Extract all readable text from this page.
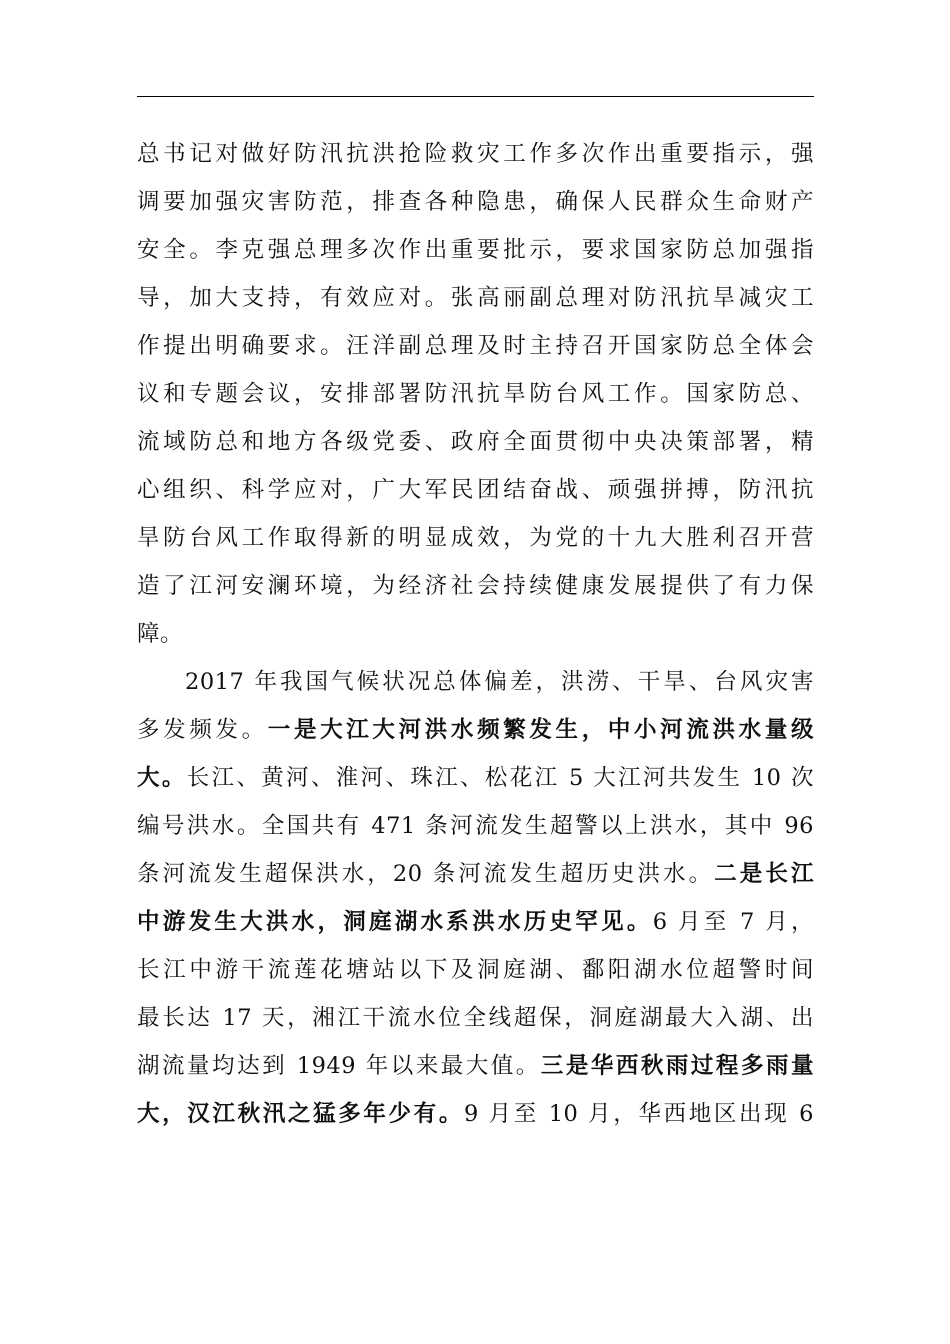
总书记对做好防汛抗洪抢险救灾工作多次作出重要指示，强
调要加强灾害防范，排查各种隐患，确保人民群众生命财产
安全。李克强总理多次作出重要批示，要求国家防总加强指
导，加大支持，有效应对。张高丽副总理对防汛抗旱减灾工
作提出明确要求。汪洋副总理及时主持召开国家防总全体会
议和专题会议，安排部署防汛抗旱防台风工作。国家防总、
流域防总和地方各级党委、政府全面贯彻中央决策部署，精
心组织、科学应对，广大军民团结奋战、顽强拼搏，防汛抗
旱防台风工作取得新的明显成效，为党的十九大胜利召开营
造了江河安澜环境，为经济社会持续健康发展提供了有力保
障。
2017 年我国气候状况总体偏差，洪涝、干旱、台风灾害
多发频发。一是大江大河洪水频繁发生，中小河流洪水量级
大。长江、黄河、淮河、珠江、松花江 5 大江河共发生 10 次
编号洪水。全国共有 471 条河流发生超警以上洪水，其中 96
条河流发生超保洪水，20 条河流发生超历史洪水。二是长江
中游发生大洪水，洞庭湖水系洪水历史罕见。6 月至 7 月，
长江中游干流莲花塘站以下及洞庭湖、鄱阳湖水位超警时间
最长达 17 天，湘江干流水位全线超保，洞庭湖最大入湖、出
湖流量均达到 1949 年以来最大值。三是华西秋雨过程多雨量
大，汉江秋汛之猛多年少有。9 月至 10 月，华西地区出现 6
